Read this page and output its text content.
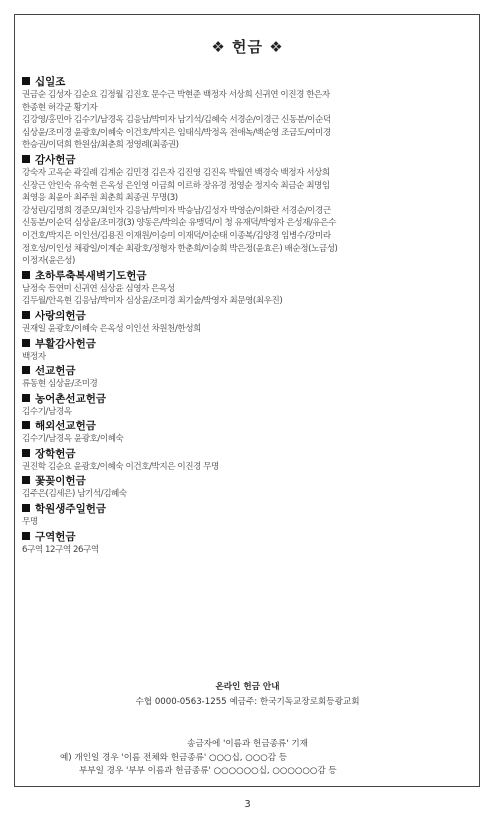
❖ 헌금 ❖
십일조
권금순 김성자 김순요 김정월 김진호 문수근 박현준 백정자 서상희 신귀연 이진경 한은자
한종현 허각균 황기자
김강영/홍민아 김수기/남경옥 김응남/박미자 남기석/김혜숙 서경순/이경근 신동분/이순덕
심상윤/조미경 윤광호/이혜숙 이건호/박지은 임태식/박정옥 전애녹/백순영 조금도/여미경
한승권/이덕희 한원삼/최춘희 정영례(최종권)
감사헌금
강숙자 고옥순 곽길례 김계순 김민경 김은자 김진영 김진옥 박월연 백경숙 백정자 서상희
신장근 안인숙 유숙현 은옥성 은인영 이금희 이르하 장유경 정영순 정지숙 최금순 최명임
최영응 최윤아 최주원 최춘희 최종권 무명(3)
강성린/김명희 경준모/최인자 김응남/박미자 박승남/김성자 박영순/이화란 서경순/이경근
신동분/이순덕 심상윤/조미경(3) 양동은/박의순 유맹덕/이 청 유재덕/박영자 은성재/유은수
이건호/박지은 이인선/김용진 이재원/이승미 이재덕/이순태 이종복/김양경 임병수/강미라
정호성/이인성 채광일/이계순 최광호/정형자 한춘희/이승희 박은정(윤효은) 배순정(노금성)
이정자(윤은성)
초하루축복새벽기도헌금
남정숙 등연미 신귀연 심상윤 심영자 은옥성
김두월/안옥현 김응남/박미자 심상윤/조미경 최기술/박영자 최문영(최우진)
사랑의헌금
권재일 윤광호/이혜숙 은옥성 이인선 차원천/한성희
부활감사헌금
백정자
선교헌금
류동현 심상윤/조미경
농어촌선교헌금
김수기/남경옥
해외선교헌금
김수기/남경옥 윤광호/이혜숙
장학헌금
권진학 김순요 윤광호/이혜숙 이건호/박지은 이진경 무명
꽃꽂이헌금
김주은(김세은) 남기석/김혜숙
학원생주일헌금
무명
구역헌금
6구역 12구역 26구역
온라인 헌금 안내
수협 0000-0563-1255 예금주: 한국기독교장로회등광교회
송금자에 '이름과 헌금종류' 기재
예) 개인일 경우 '이름 전체와 헌금종류' ○○○십, ○○○감 등
부부일 경우 '부부 이름과 헌금종류' ○○○○○○십, ○○○○○○감 등
3
